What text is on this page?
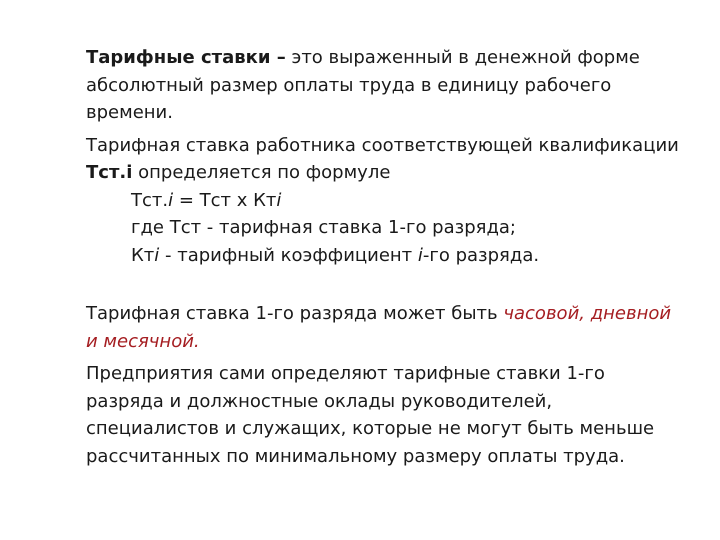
Тарифные ставки – это выраженный в денежной форме абсолютный размер оплаты труда в единицу рабочего времени.

Тарифная ставка работника соответствующей квалификации Тст.i определяется по формуле

Тст.i = Тст x Ктi

где Тст - тарифная ставка 1-го разряда;

Ктi - тарифный коэффициент i-го разряда.

Тарифная ставка 1-го разряда может быть часовой, дневной и месячной.

Предприятия сами определяют тарифные ставки 1-го разряда и должностные оклады руководителей, специалистов и служащих, которые не могут быть меньше рассчитанных по минимальному размеру оплаты труда.
